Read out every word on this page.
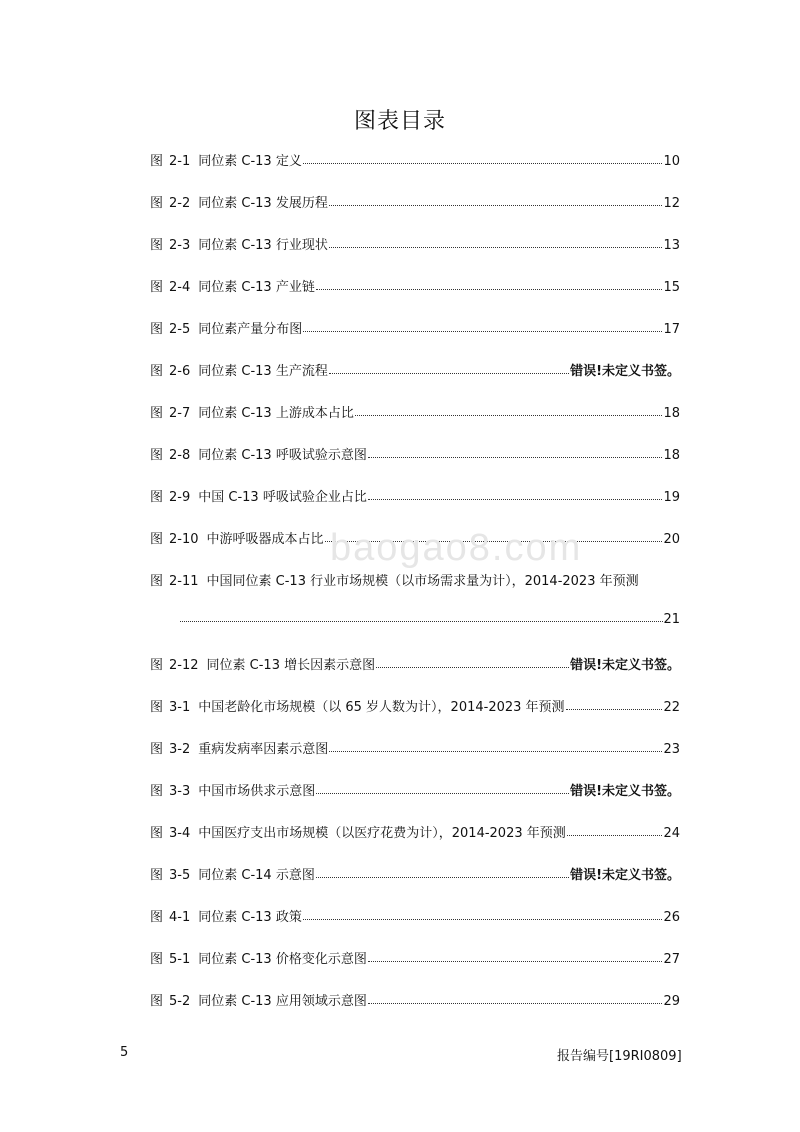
图表目录
图 2-1 同位素 C-13 定义	10
图 2-2 同位素 C-13 发展历程	12
图 2-3 同位素 C-13 行业现状	13
图 2-4 同位素 C-13 产业链	15
图 2-5 同位素产量分布图	17
图 2-6 同位素 C-13 生产流程	错误!未定义书签。
图 2-7 同位素 C-13 上游成本占比	18
图 2-8 同位素 C-13 呼吸试验示意图	18
图 2-9 中国 C-13 呼吸试验企业占比	19
图 2-10 中游呼吸器成本占比	20
图 2-11 中国同位素 C-13 行业市场规模（以市场需求量为计），2014-2023 年预测
21
图 2-12 同位素 C-13 增长因素示意图	错误!未定义书签。
图 3-1 中国老龄化市场规模（以 65 岁人数为计），2014-2023 年预测	22
图 3-2 重病发病率因素示意图	23
图 3-3 中国市场供求示意图	错误!未定义书签。
图 3-4 中国医疗支出市场规模（以医疗花费为计），2014-2023 年预测	24
图 3-5 同位素 C-14 示意图	错误!未定义书签。
图 4-1 同位素 C-13 政策	26
图 5-1 同位素 C-13 价格变化示意图	27
图 5-2 同位素 C-13 应用领域示意图	29
baogao8.com
5	报告编号[19RI0809]
